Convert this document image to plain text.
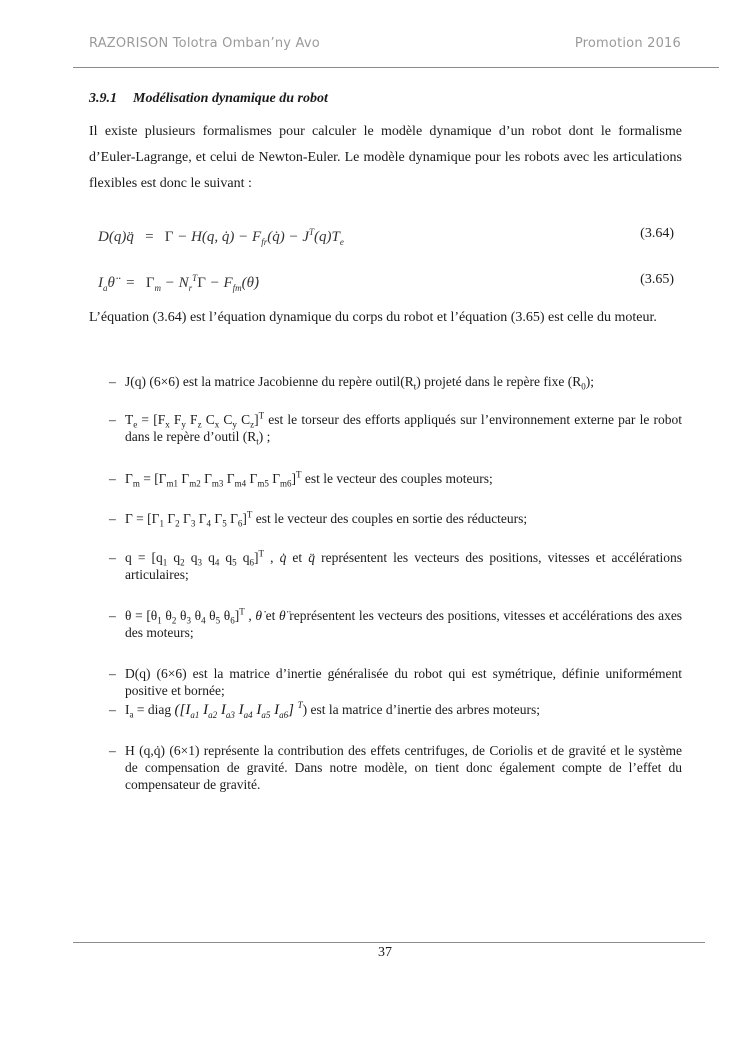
RAZORISON Tolotra Omban’ny Avo	Promotion 2016
3.9.1 Modélisation dynamique du robot
Il existe plusieurs formalismes pour calculer le modèle dynamique d’un robot dont le formalisme d’Euler-Lagrange, et celui de Newton-Euler. Le modèle dynamique pour les robots avec les articulations flexibles est donc le suivant :
D(q)q̈   = Γ − H(q, q̇) − $F_{fr}(q̇) - J^T(q)T_e$
(3.64)
$I_a\thetä = \Gamma_m - N_r^T\Gamma$ − $F_{fm}(\thetȧ)$	(3.65)
L’équation (3.64) est l’équation dynamique du corps du robot et l’équation (3.65) est celle du moteur.
– J(q) (6×6) est la matrice Jacobienne du repère $outil(R_t)$ projeté dans le repère fixe $(R_0)$;
– $T_e = [F_x$ $F_y$ $F_z$ $C_x$ $C_y$ $C_z]^T$ est le torseur des efforts appliqués sur l’environnement externe par le robot dans le repère d’outil $(R_t)$ ;
– $\Gamma_m = [\Gamma_{m1}$ $\Gamma_{m2}$ $\Gamma_{m3}$ $\Gamma_{m4}$ $\Gamma_{m5}$ $\Gamma_{m6}]^T$ est le vecteur des couples moteurs;
– $\Gamma = [\Gamma_1$ $\Gamma_2$ $\Gamma_3$ $\Gamma_4$ $\Gamma_5$ $\Gamma_6]^T$ est le vecteur des couples en sortie des réducteurs;
– $q = [q_1$ $q_2$ $q_3$ $q_4$ $q_5$ $q_6]^T$ , q̇ et q̈ représentent les vecteurs des positions, vitesses et accélérations articulaires;
– $\theta = [\theta_1$ $\theta_2$ $\theta_3$ $\theta_4$ $\theta_5$ $\theta_6]^T$ , θ̇ et θ̈ représentent les vecteurs des positions, vitesses et accélérations des axes des moteurs;
– D(q) (6×6) est la matrice d’inertie généralisée du robot qui est symétrique, définie uniformément positive et bornée;
– $I_a$ = diag ([$I_{a1}$ $I_{a2}$ $I_{a3}$ $I_{a4}$ $I_{a5}$ $I_{a6}$] $^T$) est la matrice d’inertie des arbres moteurs;
– H (q,q̇) (6×1) représente la contribution des effets centrifuges, de Coriolis et de gravité et le système de compensation de gravité. Dans notre modèle, on tient donc également compte de l’effet du compensateur de gravité.
37
